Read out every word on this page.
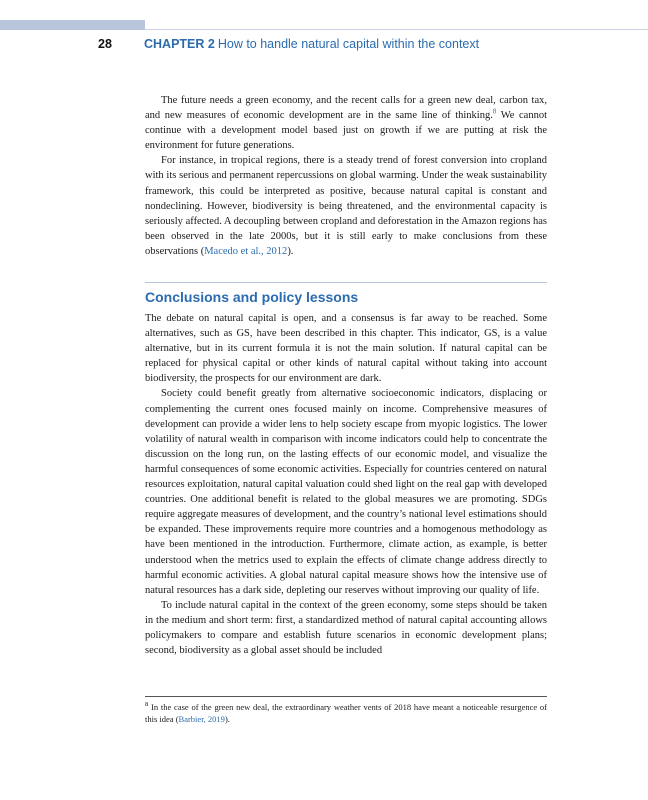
28	CHAPTER 2 How to handle natural capital within the context

The future needs a green economy, and the recent calls for a green new deal, carbon tax, and new measures of economic development are in the same line of thinking.$^8$ We cannot continue with a development model based just on growth if we are putting at risk the environment for future generations.

For instance, in tropical regions, there is a steady trend of forest conversion into cropland with its serious and permanent repercussions on global warming. Under the weak sustainability framework, this could be interpreted as positive, because natural capital is constant and nondeclining. However, biodiversity is being threatened, and the environmental capacity is seriously affected. A decoupling between cropland and deforestation in the Amazon regions has been observed in the late 2000s, but it is still early to make conclusions from these observations (Macedo et al., 2012).

Conclusions and policy lessons

The debate on natural capital is open, and a consensus is far away to be reached. Some alternatives, such as GS, have been described in this chapter. This indicator, GS, is a value alternative, but in its current formula it is not the main solution. If natural capital can be replaced for physical capital or other kinds of natural capital without taking into account biodiversity, the prospects for our environment are dark.

Society could benefit greatly from alternative socioeconomic indicators, displacing or complementing the current ones focused mainly on income. Comprehensive measures of development can provide a wider lens to help society escape from myopic logistics. The lower volatility of natural wealth in comparison with income indicators could help to concentrate the discussion on the long run, on the lasting effects of our economic model, and visualize the harmful consequences of some economic activities. Especially for countries centered on natural resources exploitation, natural capital valuation could shed light on the real gap with developed countries. One additional benefit is related to the global measures we are promoting. SDGs require aggregate measures of development, and the country’s national level estimations should be expanded. These improvements require more countries and a homogenous methodology as have been mentioned in the introduction. Furthermore, climate action, as example, is better understood when the metrics used to explain the effects of climate change address directly to harmful economic activities. A global natural capital measure shows how the intensive use of natural resources has a dark side, depleting our reserves without improving our quality of life.

To include natural capital in the context of the green economy, some steps should be taken in the medium and short term: first, a standardized method of natural capital accounting allows policymakers to compare and establish future scenarios in economic development plans; second, biodiversity as a global asset should be included

$^8$ In the case of the green new deal, the extraordinary weather vents of 2018 have meant a noticeable resurgence of this idea (Barbier, 2019).
